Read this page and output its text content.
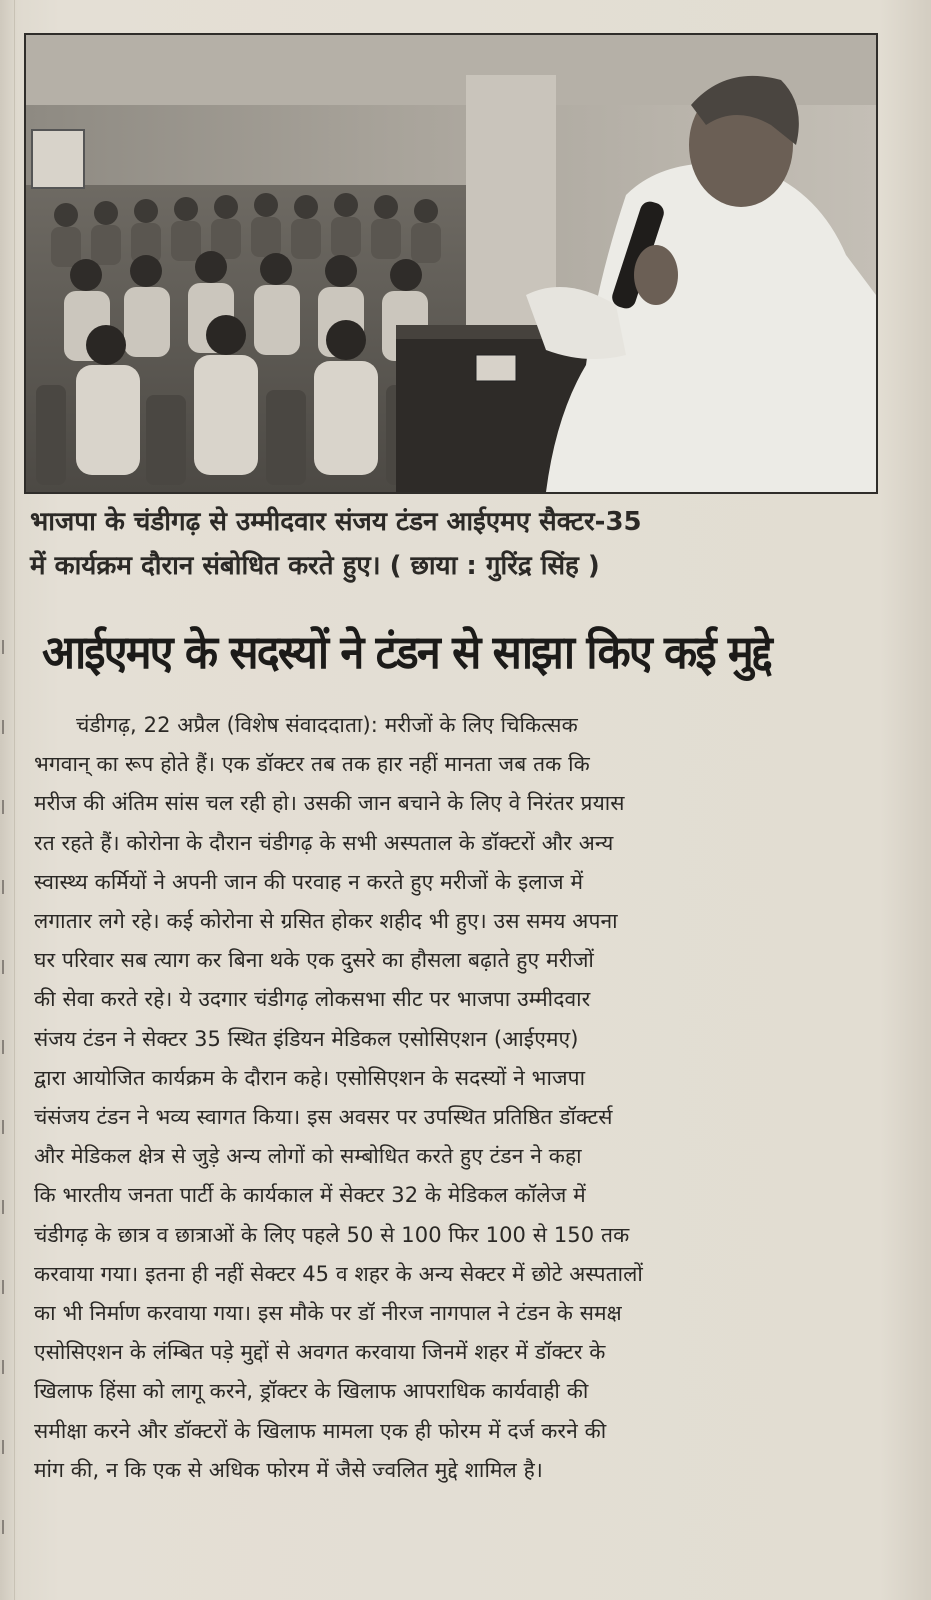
भाजपा के चंडीगढ़ से उम्मीदवार संजय टंडन आईएमए सैक्टर-35
में कार्यक्रम दौरान संबोधित करते हुए। ( छाया : गुरिंद्र सिंह )
आईएमए के सदस्यों ने टंडन से साझा किए कई मुद्दे
चंडीगढ़, 22 अप्रैल (विशेष संवाददाता): मरीजों के लिए चिकित्सक
भगवान् का रूप होते हैं। एक डॉक्टर तब तक हार नहीं मानता जब तक कि
मरीज की अंतिम सांस चल रही हो। उसकी जान बचाने के लिए वे निरंतर प्रयास
रत रहते हैं। कोरोना के दौरान चंडीगढ़ के सभी अस्पताल के डॉक्टरों और अन्य
स्वास्थ्य कर्मियों ने अपनी जान की परवाह न करते हुए मरीजों के इलाज में
लगातार लगे रहे। कई कोरोना से ग्रसित होकर शहीद भी हुए। उस समय अपना
घर परिवार सब त्याग कर बिना थके एक दुसरे का हौसला बढ़ाते हुए मरीजों
की सेवा करते रहे। ये उदगार चंडीगढ़ लोकसभा सीट पर भाजपा उम्मीदवार
संजय टंडन ने सेक्टर 35 स्थित इंडियन मेडिकल एसोसिएशन (आईएमए)
द्वारा आयोजित कार्यक्रम के दौरान कहे। एसोसिएशन के सदस्यों ने भाजपा
चंसंजय टंडन ने भव्य स्वागत किया। इस अवसर पर उपस्थित प्रतिष्ठित डॉक्टर्स
और मेडिकल क्षेत्र से जुड़े अन्य लोगों को सम्बोधित करते हुए टंडन ने कहा
कि भारतीय जनता पार्टी के कार्यकाल में सेक्टर 32 के मेडिकल कॉलेज में
चंडीगढ़ के छात्र व छात्राओं के लिए पहले 50 से 100 फिर 100 से 150 तक
करवाया गया। इतना ही नहीं सेक्टर 45 व शहर के अन्य सेक्टर में छोटे अस्पतालों
का भी निर्माण करवाया गया। इस मौके पर डॉ नीरज नागपाल ने टंडन के समक्ष
एसोसिएशन के लंम्बित पड़े मुद्दों से अवगत करवाया जिनमें शहर में डॉक्टर के
खिलाफ हिंसा को लागू करने, ड्रॉक्टर के खिलाफ आपराधिक कार्यवाही की
समीक्षा करने और डॉक्टरों के खिलाफ मामला एक ही फोरम में दर्ज करने की
मांग की, न कि एक से अधिक फोरम में जैसे ज्वलित मुद्दे शामिल है।
